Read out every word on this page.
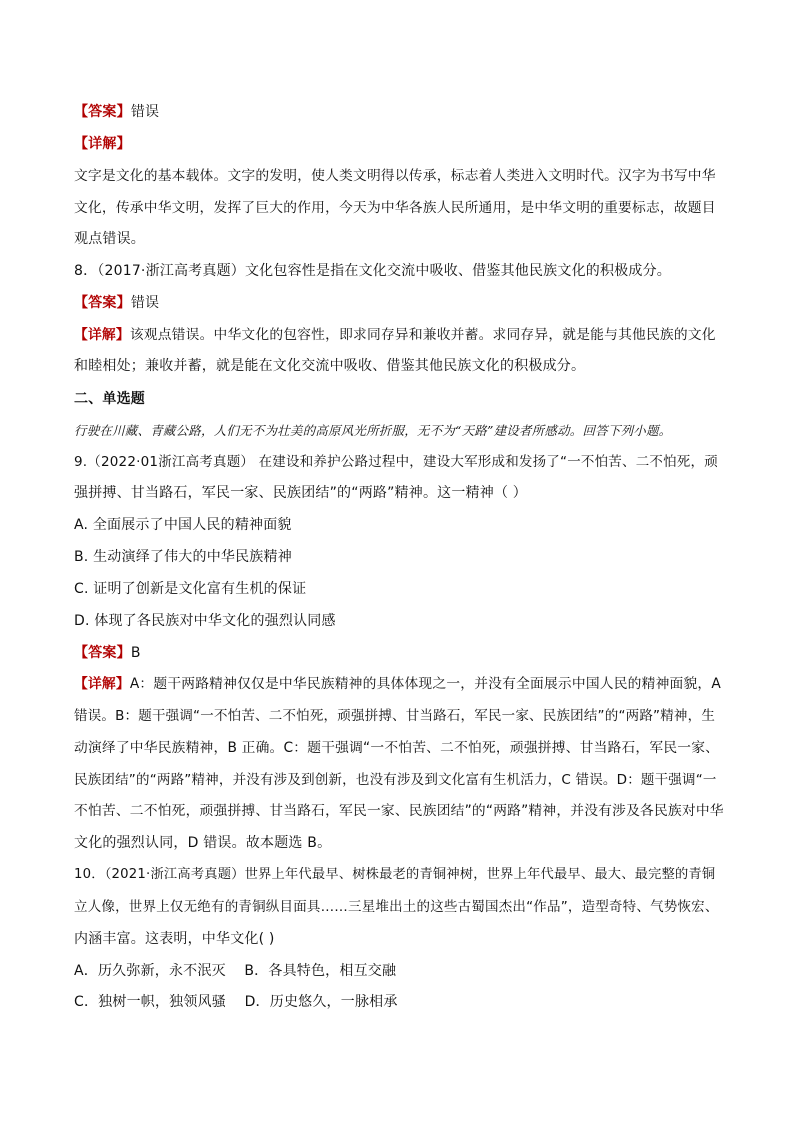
【答案】错误
【详解】
文字是文化的基本载体。文字的发明，使人类文明得以传承，标志着人类进入文明时代。汉字为书写中华
文化，传承中华文明，发挥了巨大的作用，今天为中华各族人民所通用，是中华文明的重要标志，故题目
观点错误。
8．（2017·浙江高考真题）文化包容性是指在文化交流中吸收、借鉴其他民族文化的积极成分。
【答案】错误
【详解】该观点错误。中华文化的包容性，即求同存异和兼收并蓄。求同存异，就是能与其他民族的文化
和睦相处；兼收并蓄，就是能在文化交流中吸收、借鉴其他民族文化的积极成分。
二、单选题
行驶在川藏、青藏公路，人们无不为壮美的高原风光所折服，无不为“天路”建设者所感动。回答下列小题。
9.（2022·01浙江高考真题） 在建设和养护公路过程中，建设大军形成和发扬了“一不怕苦、二不怕死，顽
强拼搏、甘当路石，军民一家、民族团结”的“两路”精神。这一精神（ ）
A. 全面展示了中国人民的精神面貌
B. 生动演绎了伟大的中华民族精神
C. 证明了创新是文化富有生机的保证
D. 体现了各民族对中华文化的强烈认同感
【答案】B
【详解】A：题干两路精神仅仅是中华民族精神的具体体现之一，并没有全面展示中国人民的精神面貌，A
错误。B：题干强调“一不怕苦、二不怕死，顽强拼搏、甘当路石，军民一家、民族团结”的“两路”精神，生
动演绎了中华民族精神，B 正确。C：题干强调“一不怕苦、二不怕死，顽强拼搏、甘当路石，军民一家、
民族团结”的“两路”精神，并没有涉及到创新，也没有涉及到文化富有生机活力，C 错误。D：题干强调“一
不怕苦、二不怕死，顽强拼搏、甘当路石，军民一家、民族团结”的“两路”精神，并没有涉及各民族对中华
文化的强烈认同，D 错误。故本题选 B。
10．（2021·浙江高考真题）世界上年代最早、树株最老的青铜神树，世界上年代最早、最大、最完整的青铜
立人像，世界上仅无绝有的青铜纵目面具……三星堆出土的这些古蜀国杰出“作品”，造型奇特、气势恢宏、
内涵丰富。这表明，中华文化( )
A．历久弥新，永不泯灭    B．各具特色，相互交融
C．独树一帜，独领风骚    D．历史悠久，一脉相承
